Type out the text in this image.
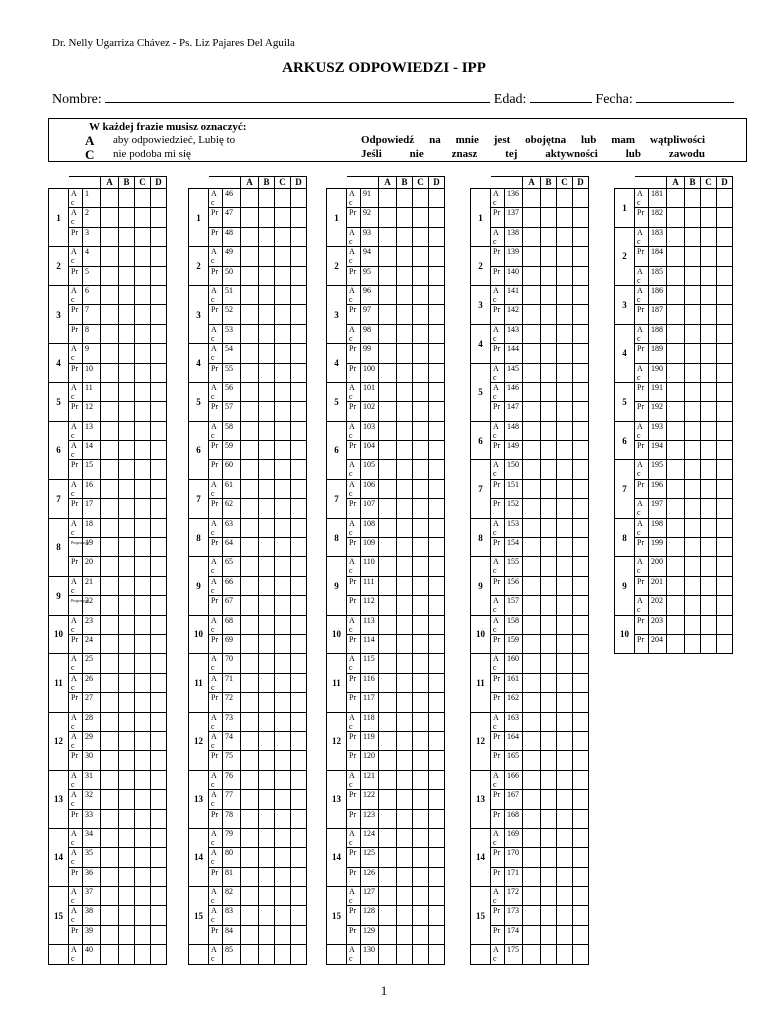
Dr. Nelly Ugarriza Chávez - Ps. Liz Pajares Del Aguila
ARKUSZ ODPOWIEDZI - IPP
Nombre:	Edad:	Fecha:
W każdej frazie musisz oznaczyć:
A aby odpowiedzieć, Lubię to
C nie podoba mi się
Odpowiedź na mnie jest obojętna lub mam wątpliwości
Jeśli nie znasz tej aktywności lub zawodu
			A	B	C	D
1	A
c	1				
	A
c	2				
	Pr	3				
2	A
c	4				
	Pr	5				
3	A
c	6				
	Pr	7				
	Pr	8				
4	A
c	9				
	Pr	10				
5	A
c	11				
	Pr	12				
6	A
c	13				
	A
c	14				
	Pr	15				
7	A
c	16				
	Pr	17				
8	A
c	18				
	Propozycja	19				
	Pr	20				
9	A
c	21				
	Propozycja	22				
10	A
c	23				
	Pr	24				
11	A
c	25				
	A
c	26				
	Pr	27				
12	A
c	28				
	A
c	29				
	Pr	30				
13	A
c	31				
	A
c	32				
	Pr	33				
14	A
c	34				
	A
c	35				
	Pr	36				
15	A
c	37				
	A
c	38				
	Pr	39				
	A
c	40				
			A	B	C	D
1	A
c	46				
	Pr	47				
	Pr	48				
2	A
c	49				
	Pr	50				
3	A
c	51				
	Pr	52				
	A
c	53				
4	A
c	54				
	Pr	55				
5	A
c	56				
	Pr	57				
6	A
c	58				
	Pr	59				
	Pr	60				
7	A
c	61				
	Pr	62				
8	A
c	63				
	Pr	64				
9	A
c	65				
	A
c	66				
	Pr	67				
10	A
c	68				
	Pr	69				
11	A
c	70				
	A
c	71				
	Pr	72				
12	A
c	73				
	A
c	74				
	Pr	75				
13	A
c	76				
	A
c	77				
	Pr	78				
14	A
c	79				
	A
c	80				
	Pr	81				
15	A
c	82				
	A
c	83				
	Pr	84				
	A
c	85				
			A	B	C	D
1	A
c	91				
	Pr	92				
	A
c	93				
2	A
c	94				
	Pr	95				
3	A
c	96				
	Pr	97				
	A
c	98				
4	Pr	99				
	Pr	100				
5	A
c	101				
	Pr	102				
6	A
c	103				
	Pr	104				
	A
c	105				
7	A
c	106				
	Pr	107				
8	A
c	108				
	Pr	109				
9	A
c	110				
	Pr	111				
	Pr	112				
10	A
c	113				
	Pr	114				
11	A
c	115				
	Pr	116				
	Pr	117				
12	A
c	118				
	Pr	119				
	Pr	120				
13	A
c	121				
	Pr	122				
	Pr	123				
14	A
c	124				
	Pr	125				
	Pr	126				
15	A
c	127				
	Pr	128				
	Pr	129				
	A
c	130				
			A	B	C	D
1	A
c	136				
	Pr	137				
	A
c	138				
2	Pr	139				
	Pr	140				
3	A
c	141				
	Pr	142				
4	A
c	143				
	Pr	144				
5	A
c	145				
	A
c	146				
	Pr	147				
6	A
c	148				
	Pr	149				
7	A
c	150				
	Pr	151				
	Pr	152				
8	A
c	153				
	Pr	154				
9	A
c	155				
	Pr	156				
	A
c	157				
10	A
c	158				
	Pr	159				
11	A
c	160				
	Pr	161				
	Pr	162				
12	A
c	163				
	Pr	164				
	Pr	165				
13	A
c	166				
	Pr	167				
	Pr	168				
14	A
c	169				
	Pr	170				
	Pr	171				
15	A
c	172				
	Pr	173				
	Pr	174				
	A
c	175				
			A	B	C	D
1	A
c	181				
	Pr	182				
2	A
c	183				
	Pr	184				
	A
c	185				
3	A
c	186				
	Pr	187				
4	A
c	188				
	Pr	189				
	A
c	190				
5	Pr	191				
	Pr	192				
6	A
c	193				
	Pr	194				
7	A
c	195				
	Pr	196				
	A
c	197				
8	A
c	198				
	Pr	199				
9	A
c	200				
	Pr	201				
	A
c	202				
10	Pr	203				
	Pr	204				
1
